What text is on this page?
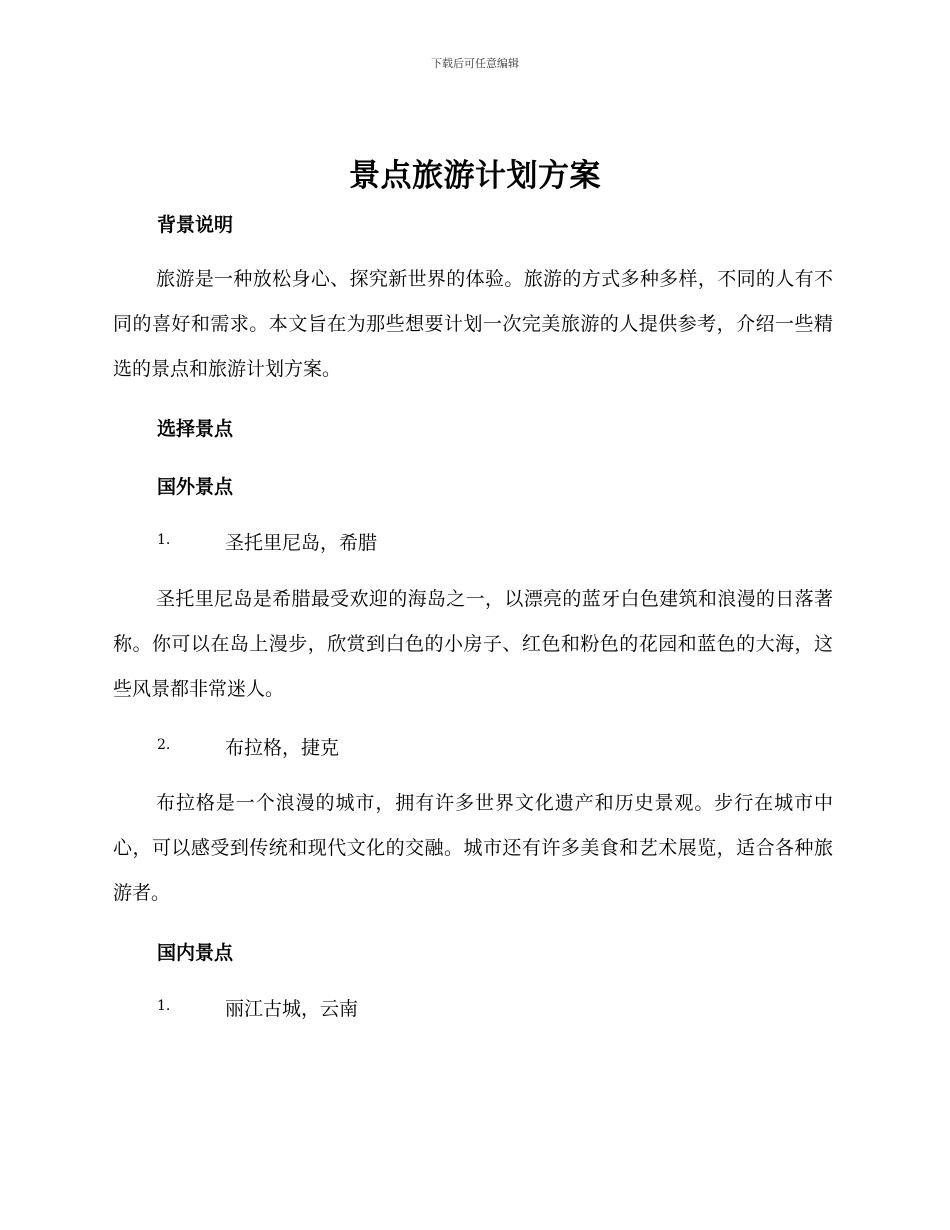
下载后可任意编辑
景点旅游计划方案
背景说明
旅游是一种放松身心、探究新世界的体验。旅游的方式多种多样，不同的人有不同的喜好和需求。本文旨在为那些想要计划一次完美旅游的人提供参考，介绍一些精选的景点和旅游计划方案。
选择景点
国外景点
1.	圣托里尼岛，希腊
圣托里尼岛是希腊最受欢迎的海岛之一，以漂亮的蓝牙白色建筑和浪漫的日落著称。你可以在岛上漫步，欣赏到白色的小房子、红色和粉色的花园和蓝色的大海，这些风景都非常迷人。
2.	布拉格，捷克
布拉格是一个浪漫的城市，拥有许多世界文化遗产和历史景观。步行在城市中心，可以感受到传统和现代文化的交融。城市还有许多美食和艺术展览，适合各种旅游者。
国内景点
1.	丽江古城，云南
